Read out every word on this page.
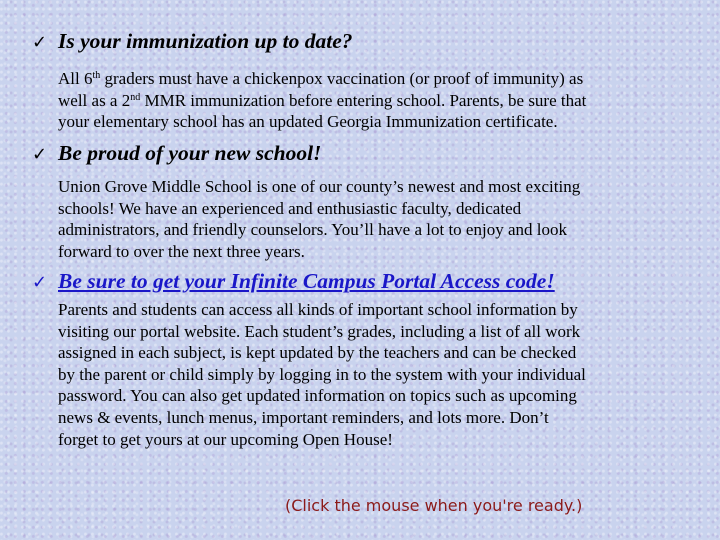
✓ Is your immunization up to date?
All 6th graders must have a chickenpox vaccination (or proof of immunity) as
well as a 2nd MMR immunization before entering school. Parents, be sure that
your elementary school has an updated Georgia Immunization certificate.
✓ Be proud of your new school!
Union Grove Middle School is one of our county’s newest and most exciting
schools! We have an experienced and enthusiastic faculty, dedicated
administrators, and friendly counselors. You’ll have a lot to enjoy and look
forward to over the next three years.
✓ Be sure to get your Infinite Campus Portal Access code!
Parents and students can access all kinds of important school information by
visiting our portal website. Each student’s grades, including a list of all work
assigned in each subject, is kept updated by the teachers and can be checked
by the parent or child simply by logging in to the system with your individual
password. You can also get updated information on topics such as upcoming
news & events, lunch menus, important reminders, and lots more. Don’t
forget to get yours at our upcoming Open House!
(Click the mouse when you're ready.)
